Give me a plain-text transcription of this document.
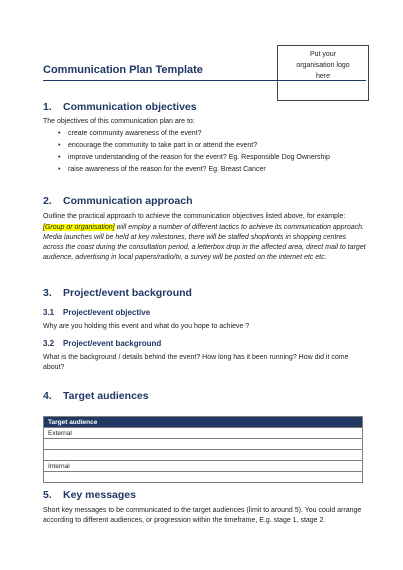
Put your
organisation logo
here
Communication Plan Template
1. Communication objectives
The objectives of this communication plan are to:
• create community awareness of the event?
• encourage the community to take part in or attend the event?
• improve understanding of the reason for the event? Eg. Responsible Dog Ownership
• raise awareness of the reason for the event? Eg. Breast Cancer
2. Communication approach
Outline the practical approach to achieve the communication objectives listed above, for example:
[Group or organisation] will employ a number of different tactics to achieve its communication approach. Media launches will be held at key milestones, there will be staffed shopfronts in shopping centres across the coast during the consultation period, a letterbox drop in the affected area, direct mail to target audience, advertising in local papers/radio/tv, a survey will be posted on the internet etc etc.
3. Project/event background
3.1 Project/event objective
Why are you holding this event and what do you hope to achieve ?
3.2 Project/event background
What is the background / details behind the event? How long has it been running? How did it come about?
4. Target audiences
Target audience
External

Internal

5. Key messages
Short key messages to be communicated to the target audiences (limit to around 5). You could arrange according to different audiences, or progression within the timeframe, E.g. stage 1, stage 2.
